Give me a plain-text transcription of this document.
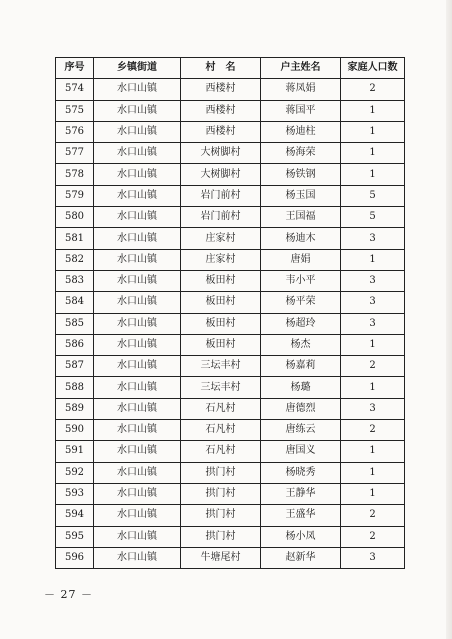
序号	乡镇街道	村　名	户主姓名	家庭人口数
574	水口山镇	西楼村	蒋凤娟	2
575	水口山镇	西楼村	蒋国平	1
576	水口山镇	西楼村	杨迪柱	1
577	水口山镇	大树脚村	杨海荣	1
578	水口山镇	大树脚村	杨铁钢	1
579	水口山镇	岩门前村	杨玉国	5
580	水口山镇	岩门前村	王国福	5
581	水口山镇	庄家村	杨迪木	3
582	水口山镇	庄家村	唐娟	1
583	水口山镇	板田村	韦小平	3
584	水口山镇	板田村	杨平荣	3
585	水口山镇	板田村	杨超玲	3
586	水口山镇	板田村	杨杰	1
587	水口山镇	三坛丰村	杨嘉莉	2
588	水口山镇	三坛丰村	杨璐	1
589	水口山镇	石凡村	唐德烈	3
590	水口山镇	石凡村	唐练云	2
591	水口山镇	石凡村	唐国义	1
592	水口山镇	拱门村	杨晓秀	1
593	水口山镇	拱门村	王静华	1
594	水口山镇	拱门村	王盛华	2
595	水口山镇	拱门村	杨小凤	2
596	水口山镇	牛塘尾村	赵新华	3
－ 27 －
